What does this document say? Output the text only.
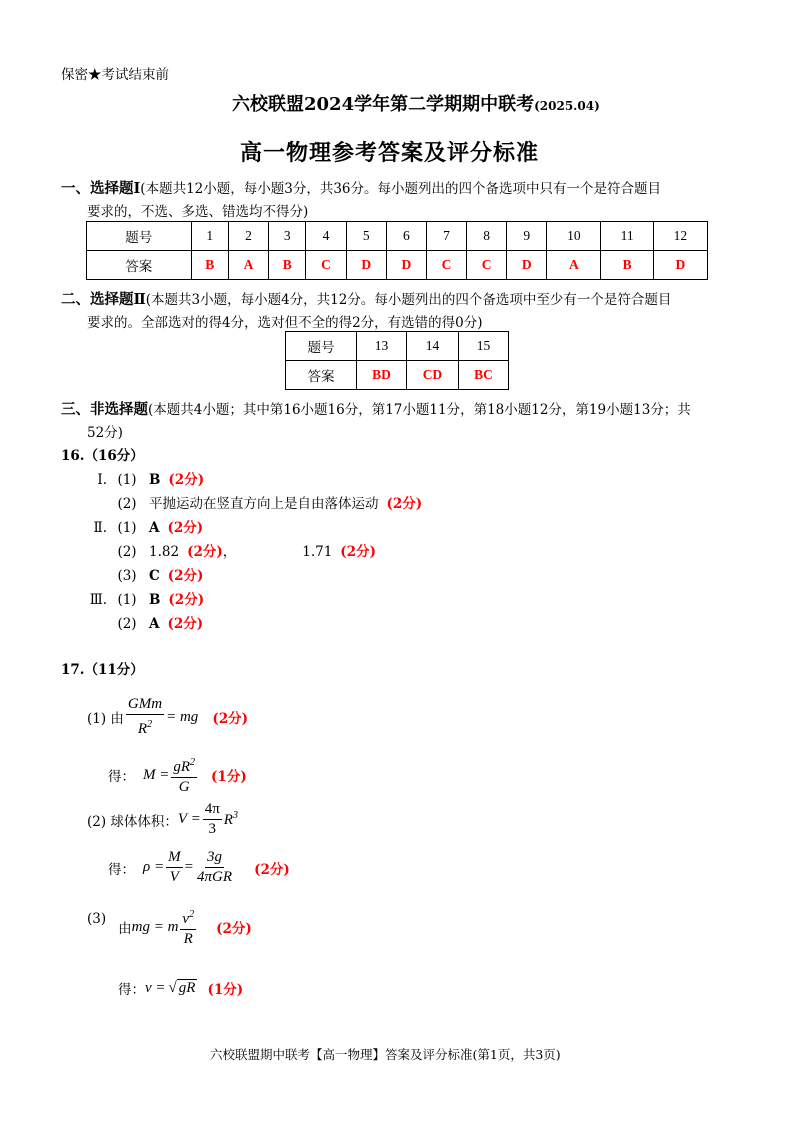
保密★考试结束前
六校联盟2024学年第二学期期中联考(2025.04)
高一物理参考答案及评分标准
一、选择题Ⅰ(本题共12小题，每小题3分，共36分。每小题列出的四个备选项中只有一个是符合题目
要求的，不选、多选、错选均不得分)
题号	1	2	3	4	5	6	7	8	9	10	11	12
答案	B	A	B	C	D	D	C	C	D	A	B	D
二、选择题Ⅱ(本题共3小题，每小题4分，共12分。每小题列出的四个备选项中至少有一个是符合题目
要求的。全部选对的得4分，选对但不全的得2分，有选错的得0分)
题号	13	14	15
答案	BD	CD	BC
三、非选择题(本题共4小题；其中第16小题16分，第17小题11分，第18小题12分，第19小题13分；共
52分)
16.（16分）
Ⅰ. (1) B (2分)
(2) 平抛运动在竖直方向上是自由落体运动 (2分)
Ⅱ. (1) A (2分)
(2) 1.82 (2分)，	1.71 (2分)
(3) C (2分)
Ⅲ. (1) B (2分)
(2) A (2分)
17.（11分）
(1) 由 $\frac{\text{GMm}}{R^2}$ = mg (2分)
得： $M = \frac{gR^2}{G} (1$分)
(2) 球体体积： $V = \frac{4\pi}{3} R^3$
得： $\rho = \frac{M}{V} = \frac{3g}{\text{4πGR}} (2$分)
(3)
由 mg = m $\frac{v^2}{R} (2$分)
得： v = √ gR (1分)
六校联盟期中联考【高一物理】答案及评分标准(第1页，共3页)
